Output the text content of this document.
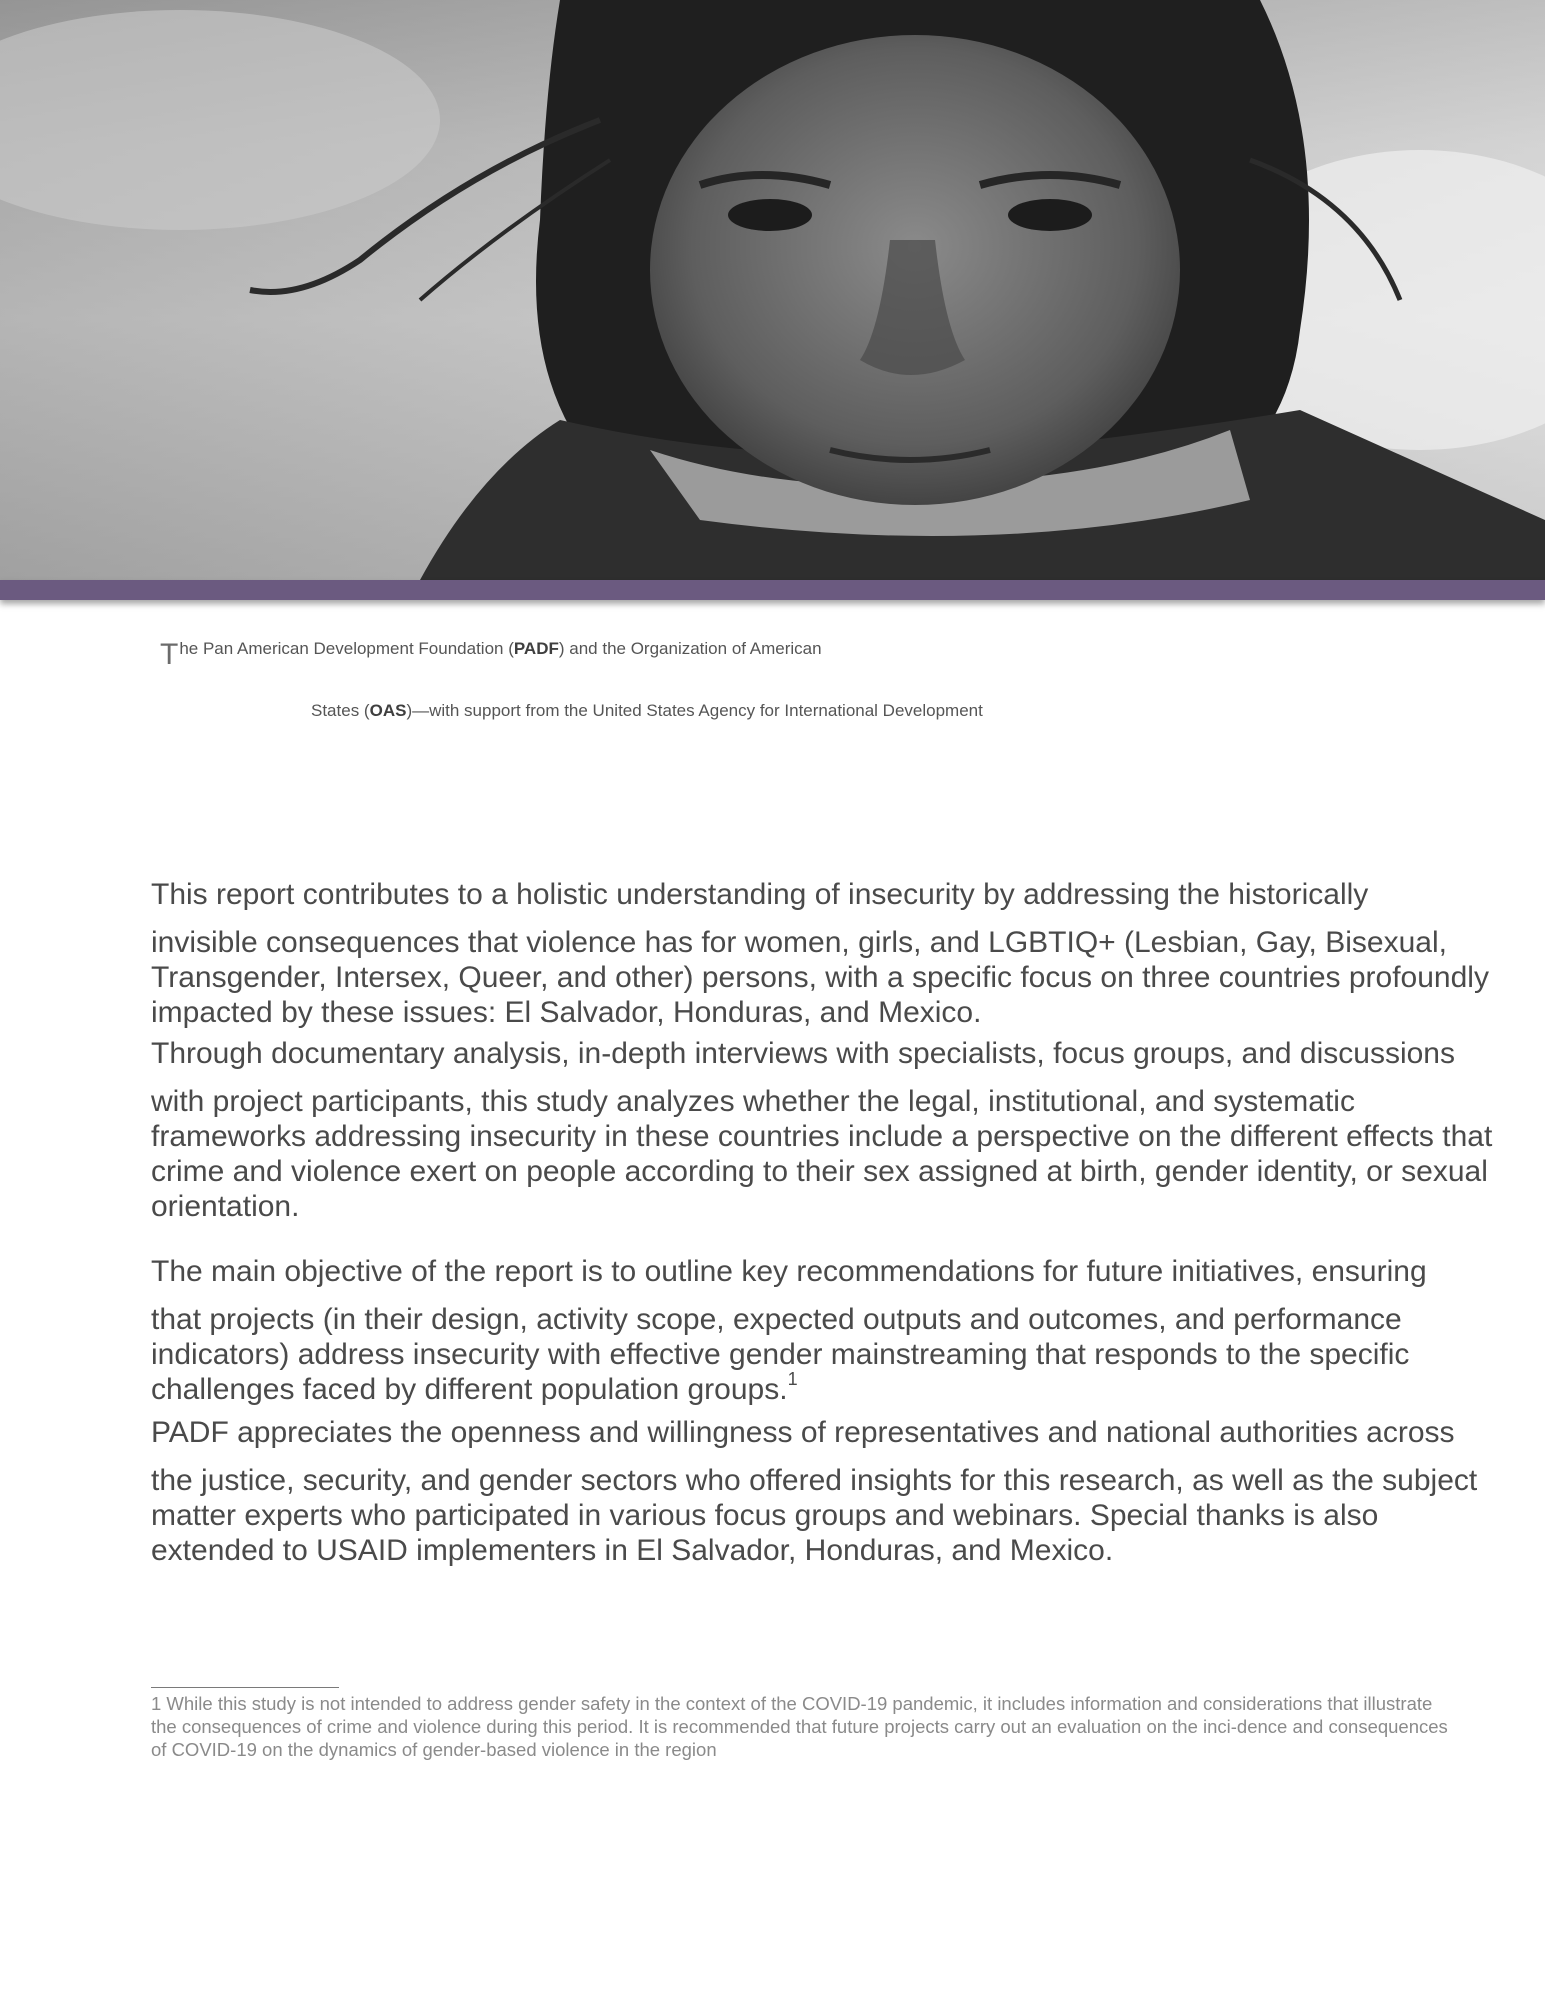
The Pan American Development Foundation (PADF) and the Organization of American
States (OAS)—with support from the United States Agency for International Development

This report contributes to a holistic understanding of insecurity by addressing the historically
invisible consequences that violence has for women, girls, and LGBTIQ+ (Lesbian, Gay, Bisexual, Transgender, Intersex, Queer, and other) persons, with a specific focus on three countries profoundly impacted by these issues: El Salvador, Honduras, and Mexico.

Through documentary analysis, in-depth interviews with specialists, focus groups, and discussions
with project participants, this study analyzes whether the legal, institutional, and systematic frameworks addressing insecurity in these countries include a perspective on the different effects that crime and violence exert on people according to their sex assigned at birth, gender identity, or sexual orientation.

The main objective of the report is to outline key recommendations for future initiatives, ensuring
that projects (in their design, activity scope, expected outputs and outcomes, and performance indicators) address insecurity with effective gender mainstreaming that responds to the specific challenges faced by different population groups.$^1$

PADF appreciates the openness and willingness of representatives and national authorities across
the justice, security, and gender sectors who offered insights for this research, as well as the subject matter experts who participated in various focus groups and webinars. Special thanks is also extended to USAID implementers in El Salvador, Honduras, and Mexico.

1 While this study is not intended to address gender safety in the context of the COVID-19 pandemic, it includes information and considerations that illustrate the consequences of crime and violence during this period. It is recommended that future projects carry out an evaluation on the inci-dence and consequences of COVID-19 on the dynamics of gender-based violence in the region
